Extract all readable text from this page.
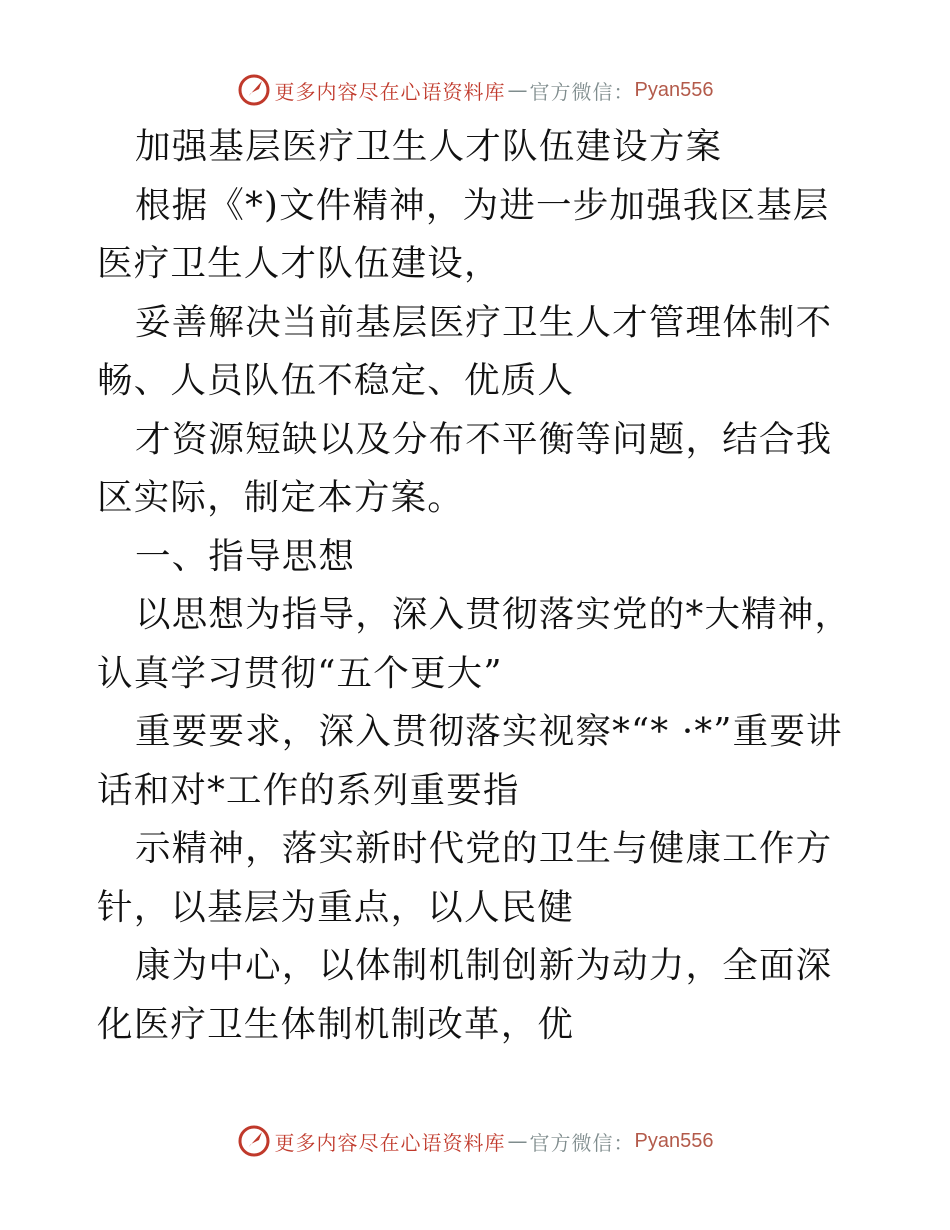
更多内容尽在心语资料库 — 官方微信： Pyan556

加强基层医疗卫生人才队伍建设方案

根据《*)文件精神，为进一步加强我区基层医疗卫生人才队伍建设，

妥善解决当前基层医疗卫生人才管理体制不畅、人员队伍不稳定、优质人

才资源短缺以及分布不平衡等问题，结合我区实际，制定本方案。

一、指导思想

以思想为指导，深入贯彻落实党的*大精神，认真学习贯彻“五个更大”

重要要求，深入贯彻落实视察*“* ·*”重要讲话和对*工作的系列重要指

示精神，落实新时代党的卫生与健康工作方针，以基层为重点，以人民健

康为中心，以体制机制创新为动力，全面深化医疗卫生体制机制改革，优

更多内容尽在心语资料库 — 官方微信： Pyan556
